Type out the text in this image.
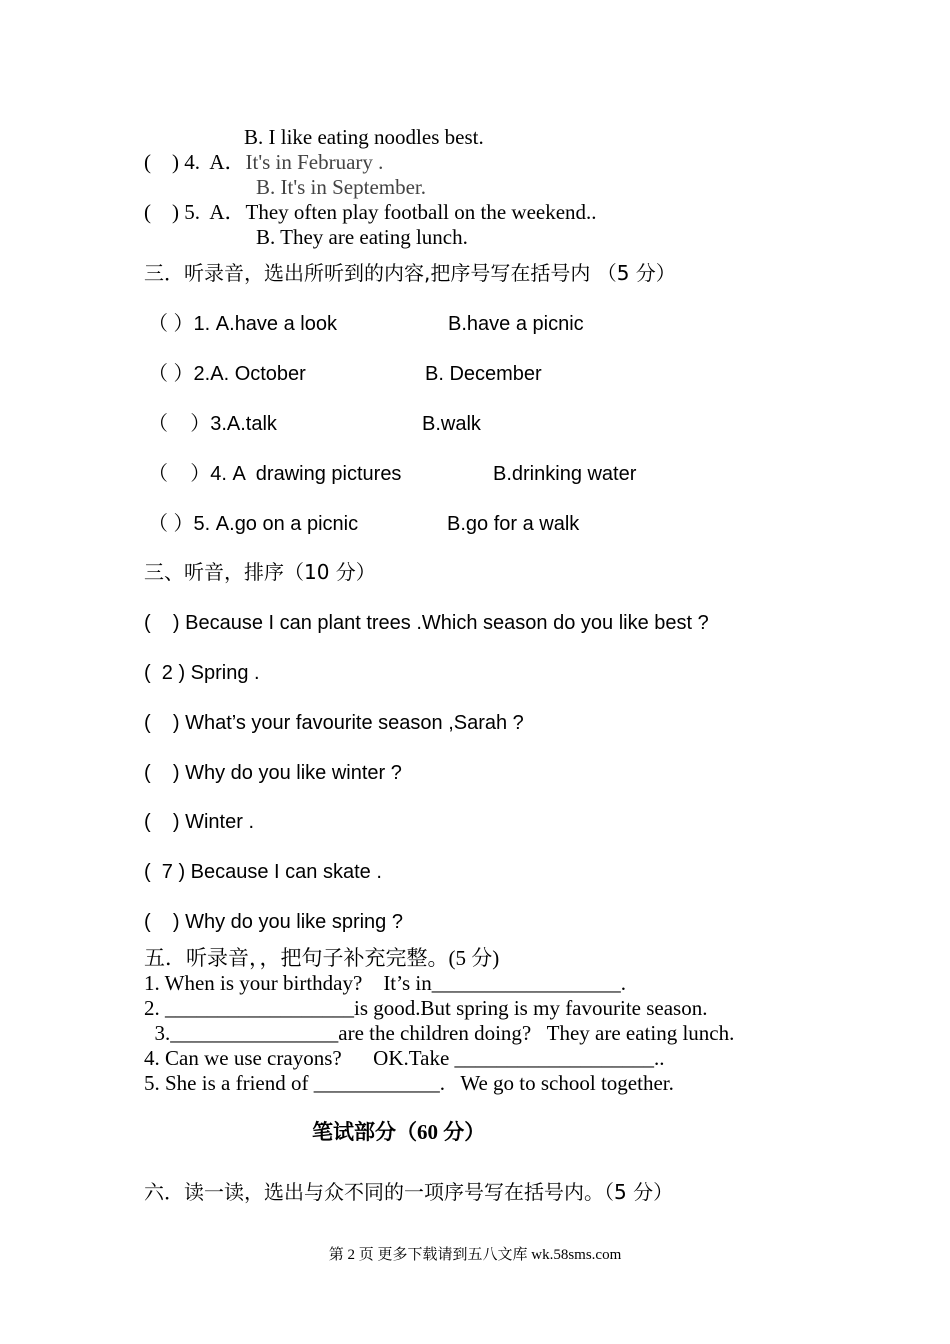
B. I like eating noodles best.
(    ) 4.  A．It's in February .
B. It's in September.
(    ) 5.  A．They often play football on the weekend..
B. They are eating lunch.
三．听录音，选出所听到的内容,把序号写在括号内 （5 分）
（ ）1. A.have a look	B.have a picnic
（ ）2.A. October	B. December
（    ）3.A.talk	B.walk
（    ）4. A  drawing pictures	B.drinking water
（ ）5. A.go on a picnic	B.go for a walk
三、听音，排序（10 分）
(    ) Because I can plant trees .Which season do you like best ?
(  2 ) Spring .
(    ) What’s your favourite season ,Sarah ?
(    ) Why do you like winter ?
(    ) Winter .
(  7 ) Because I can skate .
(    ) Why do you like spring ?
五．听录音，，把句子补充完整。(5 分)
1. When is your birthday?    It’s in__________________.
2. __________________is good.But spring is my favourite season.
3.________________are the children doing?   They are eating lunch.
4. Can we use crayons?      OK.Take ___________________..
5. She is a friend of ____________.   We go to school together.
笔试部分（60 分）
六．读一读，选出与众不同的一项序号写在括号内。（5 分）
第 2 页 更多下载请到五八文库 wk.58sms.com
